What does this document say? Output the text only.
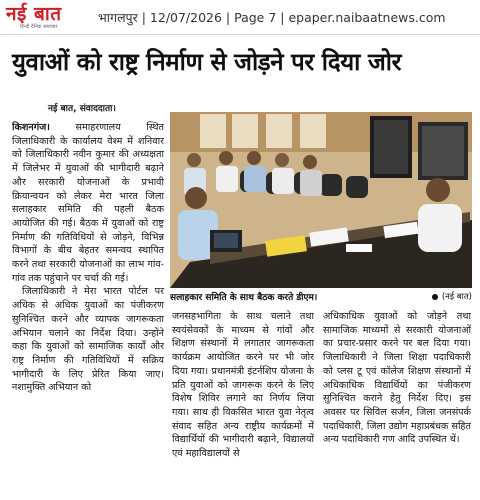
नई बात
हिन्दी दैनिक समाचार
भागलपुर | 12/07/2026 | Page 7 | epaper.naibaatnews.com
युवाओं को राष्ट्र निर्माण से जोड़ने पर दिया जोर
नई बात, संवाददाता।

किशनगंज। समाहरणालय स्थित जिलाधिकारी के कार्यालय वेश्म में शनिवार को जिलाधिकारी नवीन कुमार की अध्यक्षता में जिलेभर में युवाओं की भागीदारी बढ़ाने और सरकारी योजनाओं के प्रभावी क्रियान्वयन को लेकर मेरा भारत जिला सलाहकार समिति की पहली बैठक आयोजित की गई। बैठक में युवाओं को राष्ट्र निर्माण की गतिविधियों से जोड़ने, विभिन्न विभागों के बीच बेहतर समन्वय स्थापित करने तथा सरकारी योजनाओं का लाभ गांव-गांव तक पहुंचाने पर चर्चा की गई।

जिलाधिकारी ने मेरा भारत पोर्टल पर अधिक से अधिक युवाओं का पंजीकरण सुनिश्चित करने और व्यापक जागरूकता अभियान चलाने का निर्देश दिया। उन्होंने कहा कि युवाओं को सामाजिक कार्यों और राष्ट्र निर्माण की गतिविधियों में सक्रिय भागीदारी के लिए प्रेरित किया जाए। नशामुक्ति अभियान को

सलाहकार समिति के साथ बैठक करते डीएम।	(नई बात)

जनसहभागिता के साथ चलाने तथा स्वयंसेवकों के माध्यम से गांवों और शिक्षण संस्थानों में लगातार जागरूकता कार्यक्रम आयोजित करने पर भी जोर दिया गया। प्रधानमंत्री इंटर्नशिप योजना के प्रति युवाओं को जागरूक करने के लिए विशेष शिविर लगाने का निर्णय लिया गया। साथ ही विकसित भारत युवा नेतृत्व संवाद सहित अन्य राष्ट्रीय कार्यक्रमों में विद्यार्थियों की भागीदारी बढ़ाने, विद्यालयों एवं महाविद्यालयों से

अधिकाधिक युवाओं को जोड़ने तथा सामाजिक माध्यमों से सरकारी योजनाओं का प्रचार-प्रसार करने पर बल दिया गया। जिलाधिकारी ने जिला शिक्षा पदाधिकारी को प्लस टू एवं कॉलेज शिक्षण संस्थानों में अधिकाधिक विद्यार्थियों का पंजीकरण सुनिश्चित कराने हेतु निर्देश दिए। इस अवसर पर सिविल सर्जन, जिला जनसंपर्क पदाधिकारी, जिला उद्योग महाप्रबंधक सहित अन्य पदाधिकारी गण आदि उपस्थित थें।
